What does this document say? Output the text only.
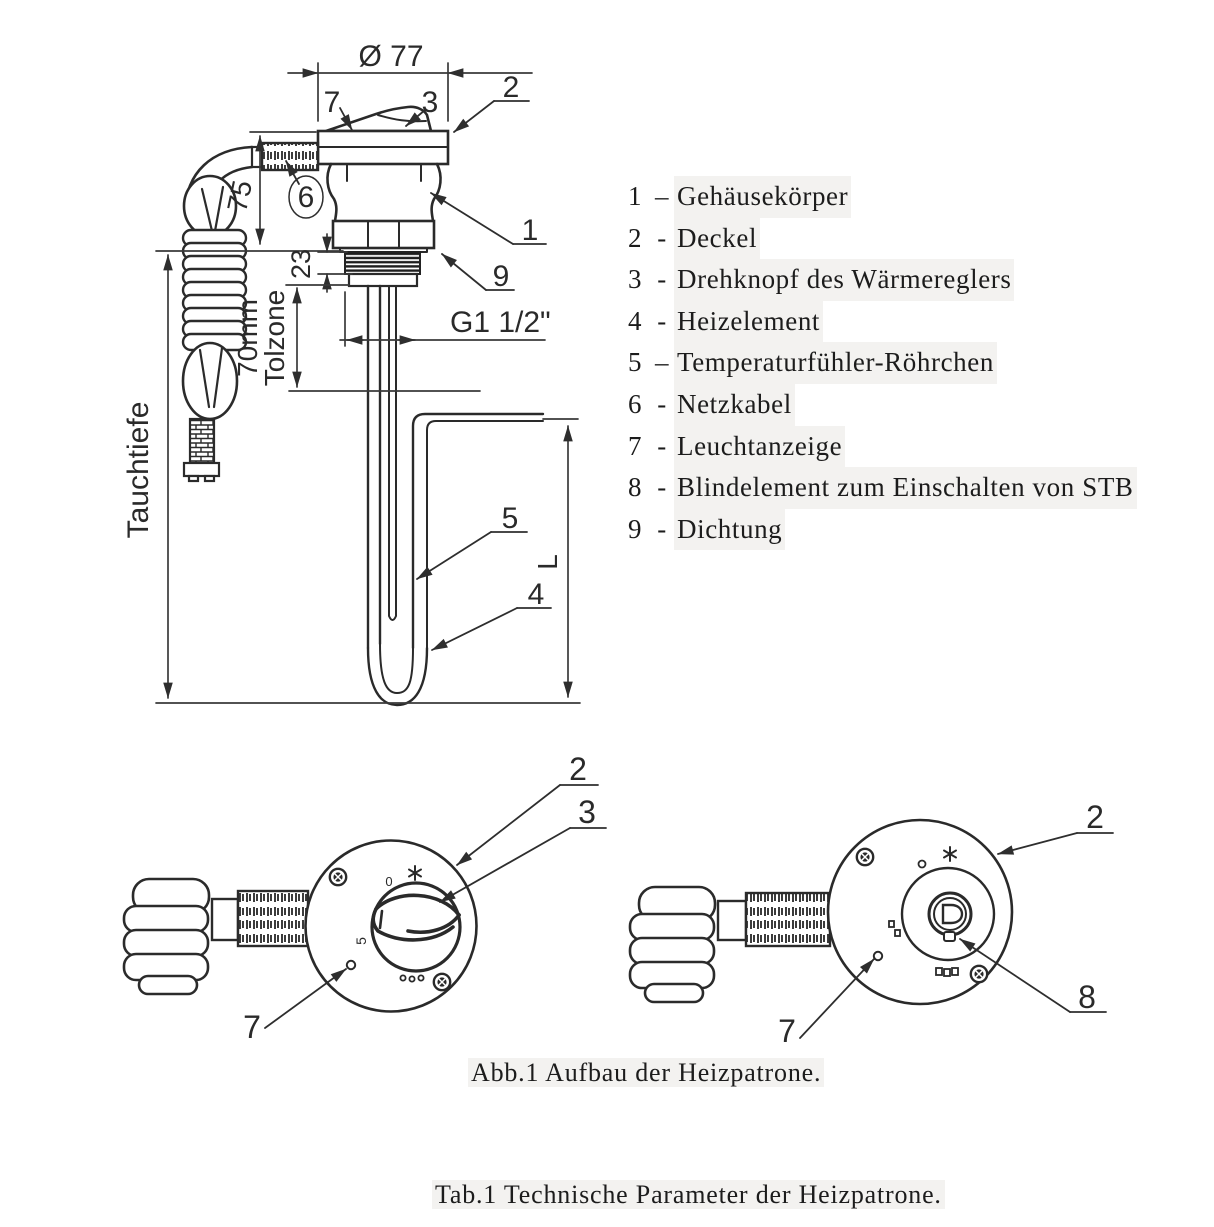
Ø 77
75
Tauchtiefe
23
70mm
Tolzone	G1 1/2"
L
7	3 2
6
1
9
5
4
0
5
2
3
7
2
8
7
1 – Gehäusekörper
2 - Deckel
3 - Drehknopf des Wärmereglers
4 - Heizelement
5 – Temperaturfühler-Röhrchen
6 - Netzkabel
7 - Leuchtanzeige
8 - Blindelement zum Einschalten von STB
9 - Dichtung
Abb.1 Aufbau der Heizpatrone.
Tab.1 Technische Parameter der Heizpatrone.
